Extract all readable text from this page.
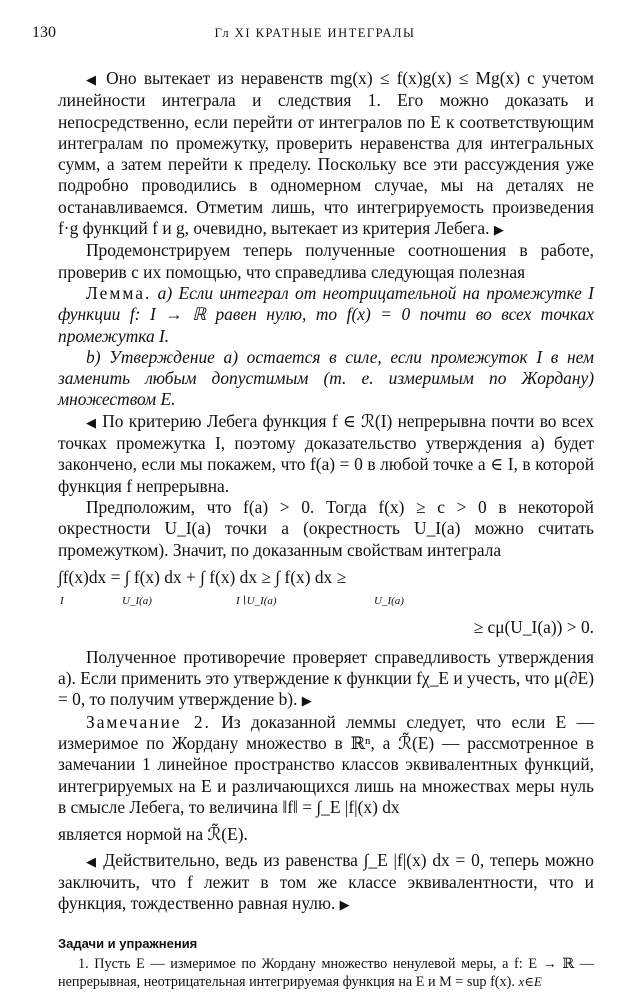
130	Гл XI КРАТНЫЕ ИНТЕГРАЛЫ

◀ Оно вытекает из неравенств mg(x) ≤ f(x)g(x) ≤ Mg(x) с учетом линейности интеграла и следствия 1. Его можно доказать и непосредственно, если перейти от интегралов по E к соответствующим интегралам по промежутку, проверить неравенства для интегральных сумм, а затем перейти к пределу. Поскольку все эти рассуждения уже подробно проводились в одномерном случае, мы на деталях не останавливаемся. Отметим лишь, что интегрируемость произведения f·g функций f и g, очевидно, вытекает из критерия Лебега. ▶

Продемонстрируем теперь полученные соотношения в работе, проверив с их помощью, что справедлива следующая полезная

Лемма. a) Если интеграл от неотрицательной на промежутке I функции f: I → ℝ равен нулю, то f(x) = 0 почти во всех точках промежутка I.

b) Утверждение a) остается в силе, если промежуток I в нем заменить любым допустимым (т. е. измеримым по Жордану) множеством E.

◀ По критерию Лебега функция f ∈ ℛ(I) непрерывна почти во всех точках промежутка I, поэтому доказательство утверждения a) будет закончено, если мы покажем, что f(a) = 0 в любой точке a ∈ I, в которой функция f непрерывна.

Предположим, что f(a) > 0. Тогда f(x) ≥ c > 0 в некоторой окрестности U_I(a) точки a (окрестность U_I(a) можно считать промежутком). Значит, по доказанным свойствам интеграла

∫f(x)dx = ∫ f(x) dx + ∫ f(x) dx ≥ ∫ f(x) dx ≥
I	U_I(a)	I∖U_I(a)	U_I(a)
≥ cμ(U_I(a)) > 0.

Полученное противоречие проверяет справедливость утверждения a). Если применить это утверждение к функции fχ_E и учесть, что μ(∂E) = 0, то получим утверждение b). ▶

Замечание 2. Из доказанной леммы следует, что если E — измеримое по Жордану множество в ℝⁿ, а ℛ̃(E) — рассмотренное в замечании 1 линейное пространство классов эквивалентных функций, интегрируемых на E и различающихся лишь на множествах меры нуль в смысле Лебега, то величина ‖f‖ = ∫_E |f|(x) dx

является нормой на ℛ̃(E).

◀ Действительно, ведь из равенства ∫_E |f|(x) dx = 0, теперь можно заключить, что f лежит в том же классе эквивалентности, что и функция, тождественно равная нулю. ▶

Задачи и упражнения

1. Пусть E — измеримое по Жордану множество ненулевой меры, a f: E → ℝ — непрерывная, неотрицательная интегрируемая функция на E и M = sup f(x). x∈E
